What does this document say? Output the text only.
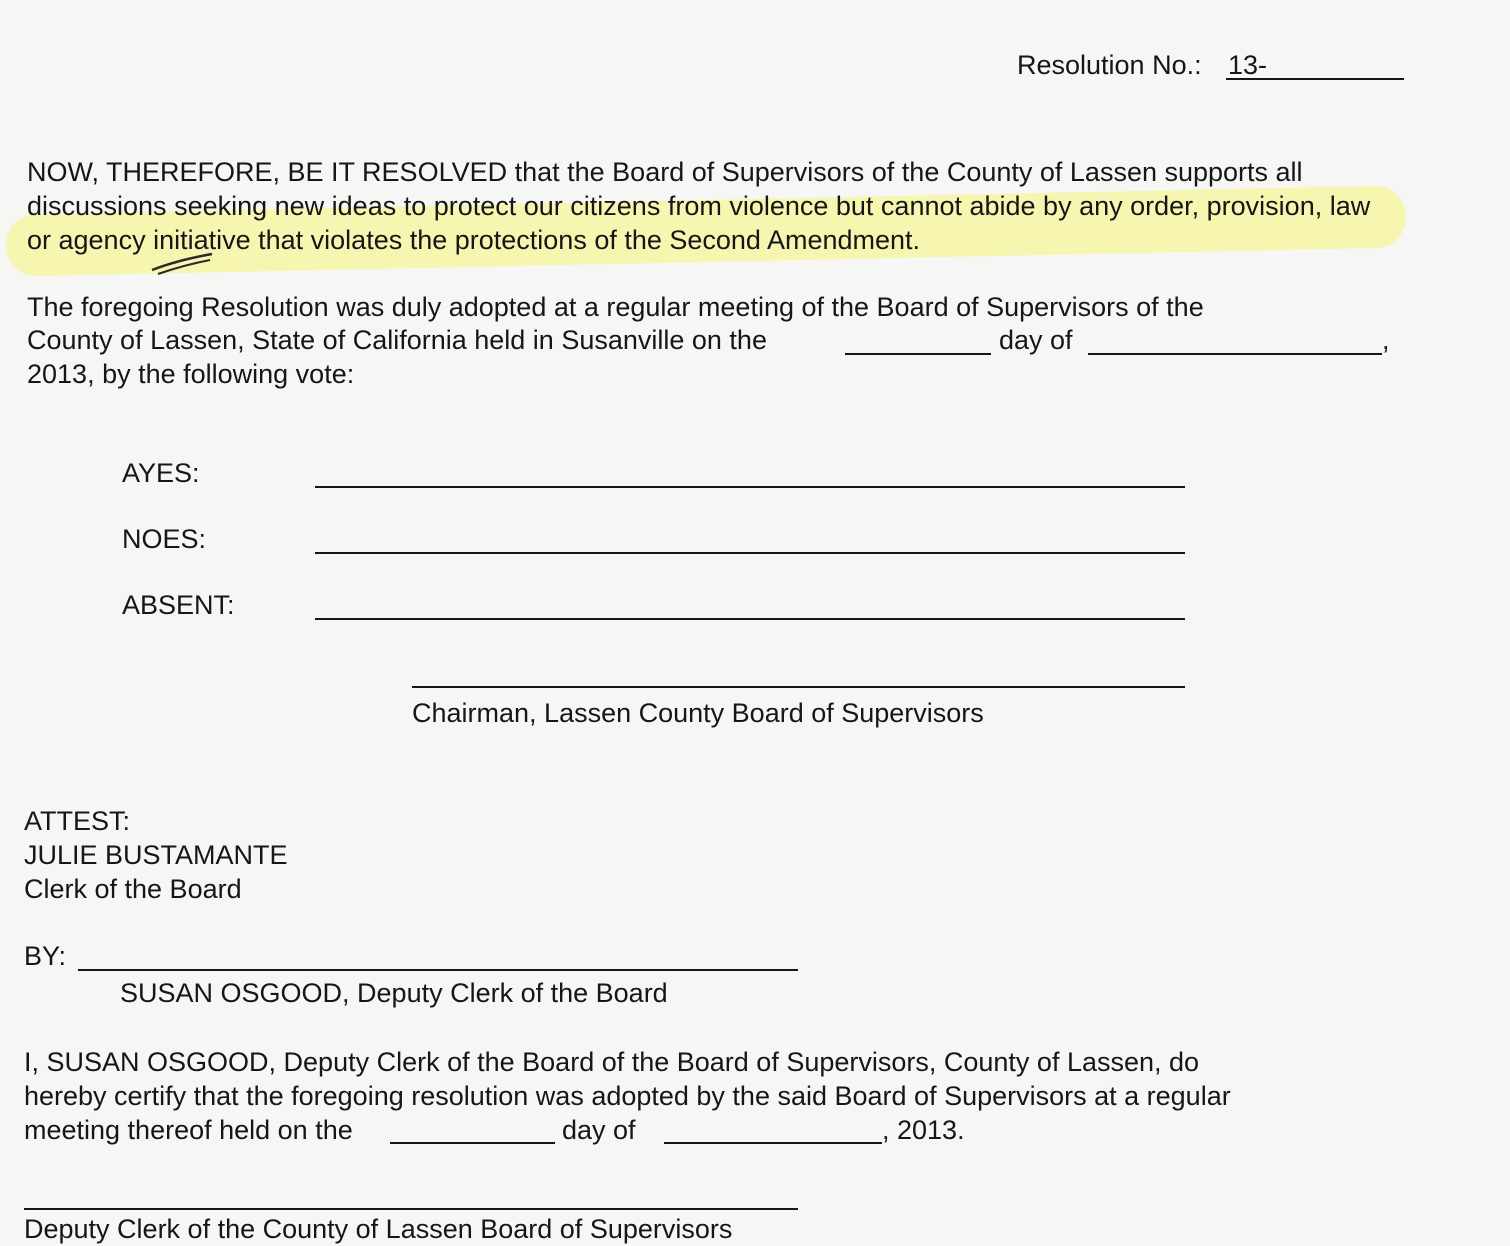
Resolution No.: 13-
NOW, THEREFORE, BE IT RESOLVED that the Board of Supervisors of the County of Lassen supports all discussions seeking new ideas to protect our citizens from violence but cannot abide by any order, provision, law or agency initiative that violates the protections of the Second Amendment.
The foregoing Resolution was duly adopted at a regular meeting of the Board of Supervisors of the
County of Lassen, State of California held in Susanville on the	day of	,
2013, by the following vote:
AYES:
NOES:
ABSENT:
Chairman, Lassen County Board of Supervisors
ATTEST:
JULIE BUSTAMANTE
Clerk of the Board
BY:
SUSAN OSGOOD, Deputy Clerk of the Board
I, SUSAN OSGOOD, Deputy Clerk of the Board of the Board of Supervisors, County of Lassen, do
hereby certify that the foregoing resolution was adopted by the said Board of Supervisors at a regular
meeting thereof held on the	day of	, 2013.
Deputy Clerk of the County of Lassen Board of Supervisors
